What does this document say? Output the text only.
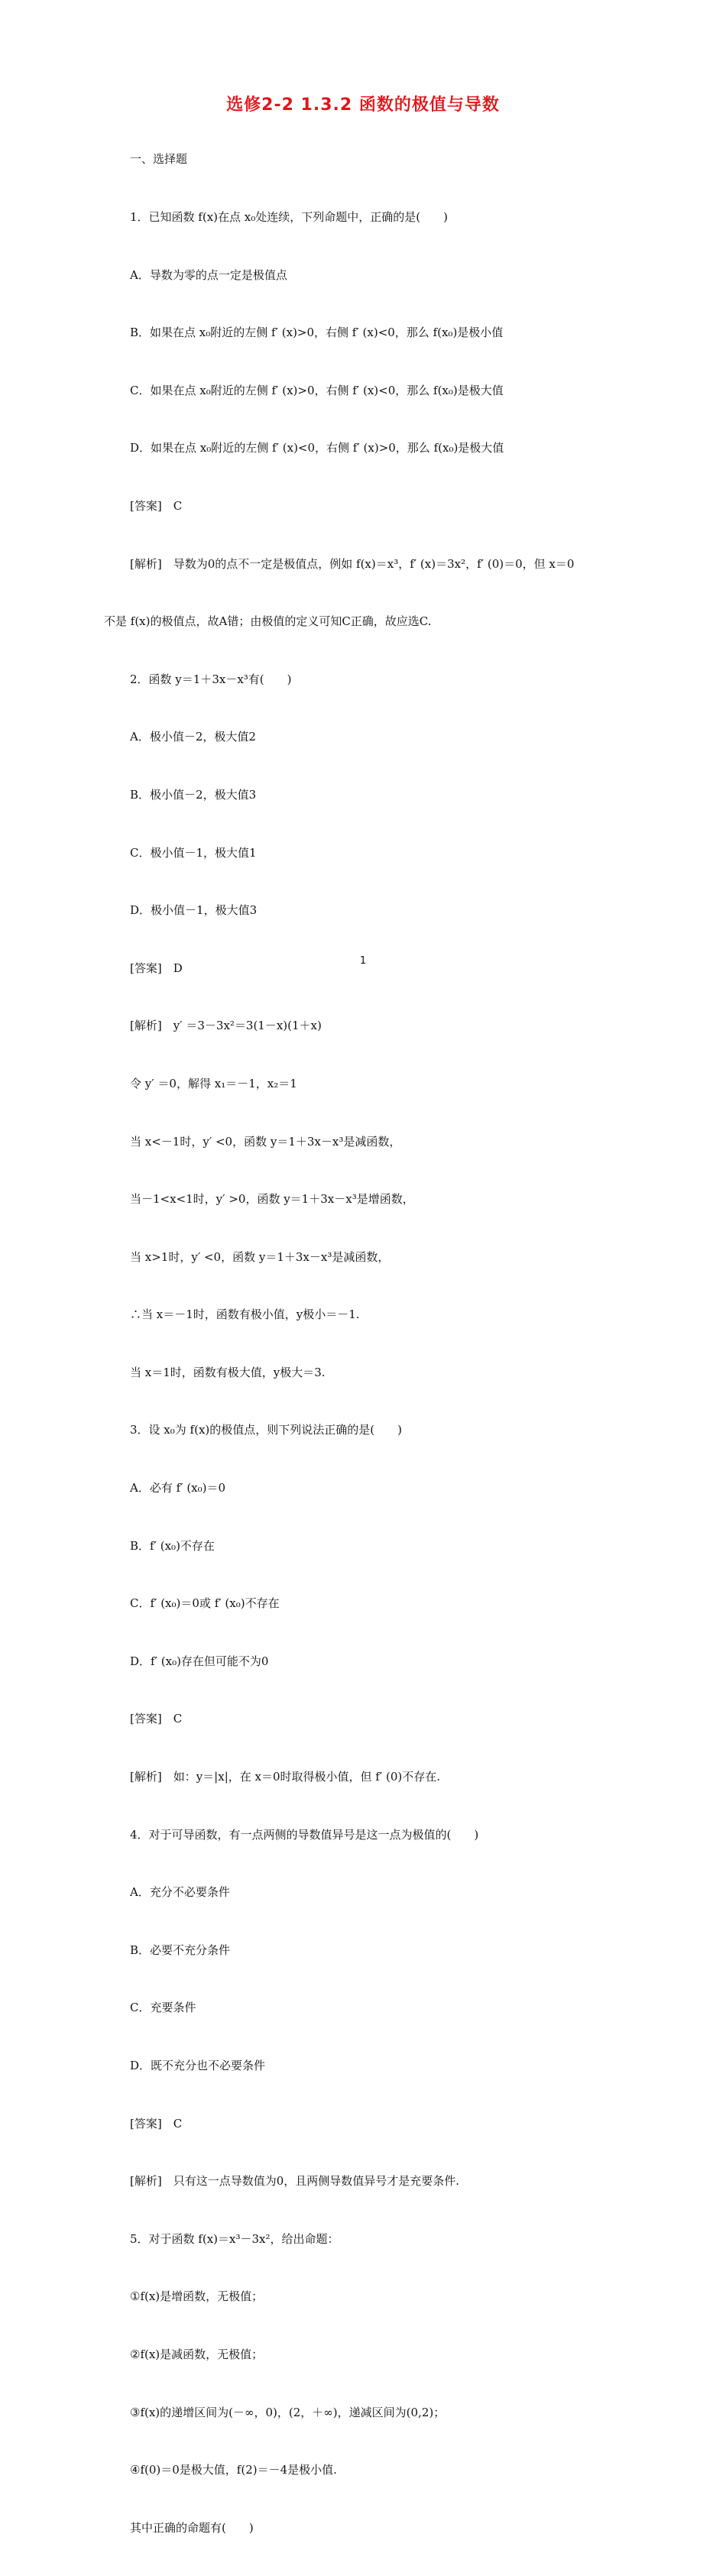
选修2-2 1.3.2 函数的极值与导数

一、选择题

1．已知函数 f(x)在点 x₀处连续，下列命题中，正确的是(　　)

A．导数为零的点一定是极值点

B．如果在点 x₀附近的左侧 f′ (x)>0，右侧 f′ (x)<0，那么 f(x₀)是极小值

C．如果在点 x₀附近的左侧 f′ (x)>0，右侧 f′ (x)<0，那么 f(x₀)是极大值

D．如果在点 x₀附近的左侧 f′ (x)<0，右侧 f′ (x)>0，那么 f(x₀)是极大值

[答案]　C

[解析]　导数为0的点不一定是极值点，例如 f(x)＝x³，f′ (x)＝3x²，f′ (0)＝0，但 x＝0

不是 f(x)的极值点，故A错；由极值的定义可知C正确，故应选C.

2．函数 y＝1＋3x－x³有(　　)

A．极小值－2，极大值2

B．极小值－2，极大值3

C．极小值－1，极大值1

D．极小值－1，极大值3

[答案]　D

[解析]　y′ ＝3－3x²＝3(1－x)(1＋x)

令 y′ ＝0，解得 x₁＝－1，x₂＝1

当 x<－1时，y′ <0，函数 y＝1＋3x－x³是减函数，

当－1<x<1时，y′ >0，函数 y＝1＋3x－x³是增函数，

当 x>1时，y′ <0，函数 y＝1＋3x－x³是减函数，

∴当 x＝－1时，函数有极小值，y极小＝－1.

当 x＝1时，函数有极大值，y极大＝3.

3．设 x₀为 f(x)的极值点，则下列说法正确的是(　　)

A．必有 f′ (x₀)＝0

B．f′ (x₀)不存在

C．f′ (x₀)＝0或 f′ (x₀)不存在

D．f′ (x₀)存在但可能不为0

[答案]　C

[解析]　如：y＝|x|，在 x＝0时取得极小值，但 f′ (0)不存在.

4．对于可导函数，有一点两侧的导数值异号是这一点为极值的(　　)

A．充分不必要条件

B．必要不充分条件

C．充要条件

D．既不充分也不必要条件

[答案]　C

[解析]　只有这一点导数值为0，且两侧导数值异号才是充要条件.

5．对于函数 f(x)＝x³－3x²，给出命题：

①f(x)是增函数，无极值；

②f(x)是减函数，无极值；

③f(x)的递增区间为(－∞，0)，(2，＋∞)，递减区间为(0,2)；

④f(0)＝0是极大值，f(2)＝－4是极小值.

其中正确的命题有(　　)

1
